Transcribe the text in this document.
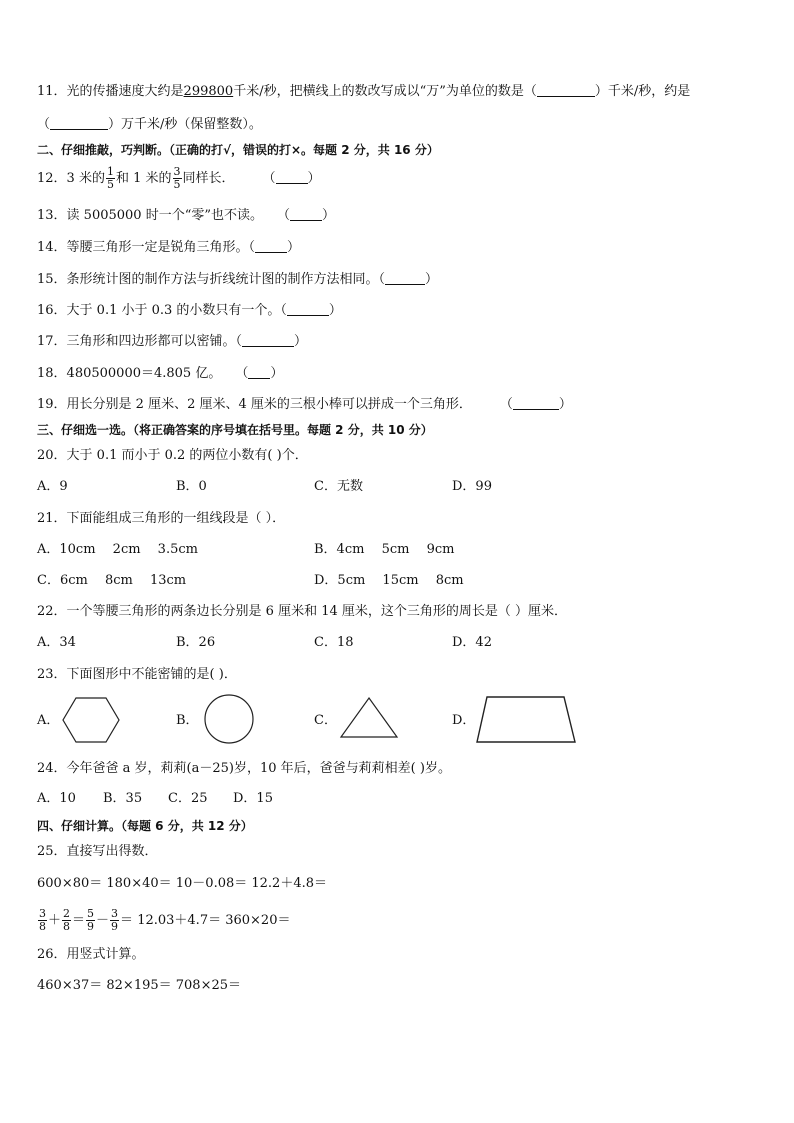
11．光的传播速度大约是299800千米/秒，把横线上的数改写成以“万”为单位的数是（	）千米/秒，约是
（	）万千米/秒（保留整数）。
二、仔细推敲，巧判断。（正确的打√，错误的打×。每题 2 分，共 16 分）
12．3 米的 $\frac{1}{5}$ 和 1 米的 $\frac{3}{5}$ 同样长． （ ）
13．读 5005000 时一个“零”也不读。 （ ）
14．等腰三角形一定是锐角三角形。（ ）
15．条形统计图的制作方法与折线统计图的制作方法相同。（	）
16．大于 0.1 小于 0.3 的小数只有一个。（	）
17．三角形和四边形都可以密铺。（	）
18．480500000＝4.805 亿。 （ ）
19．用长分别是 2 厘米、2 厘米、4 厘米的三根小棒可以拼成一个三角形． （	）
三、仔细选一选。（将正确答案的序号填在括号里。每题 2 分，共 10 分）
20．大于 0.1 而小于 0.2 的两位小数有( )个．
A．9	B．0	C．无数	D．99
21．下面能组成三角形的一组线段是（ ）．
A．10cm　 2cm　 3.5cm	B．4cm　 5cm　 9cm
C．6cm　 8cm　 13cm	D．5cm　 15cm　 8cm
22．一个等腰三角形的两条边长分别是 6 厘米和 14 厘米，这个三角形的周长是（ ）厘米．
A．34	B．26	C．18	D．42
23．下面图形中不能密铺的是( )．
A．	B．	C．	D．
24．今年爸爸 a 岁，莉莉(a－25)岁，10 年后，爸爸与莉莉相差( )岁。
A．10 B．35 C．25 D．15
四、仔细计算。（每题 6 分，共 12 分）
25．直接写出得数．
600×80＝ 180×40＝ 10－0.08＝ 12.2＋4.8＝
$\frac{3}{8} + \frac{2}{8} = \frac{5}{9} - \frac{3}{9} = 12.03+4.7= 360\times 20=$
26．用竖式计算。
460×37＝ 82×195＝ 708×25＝
